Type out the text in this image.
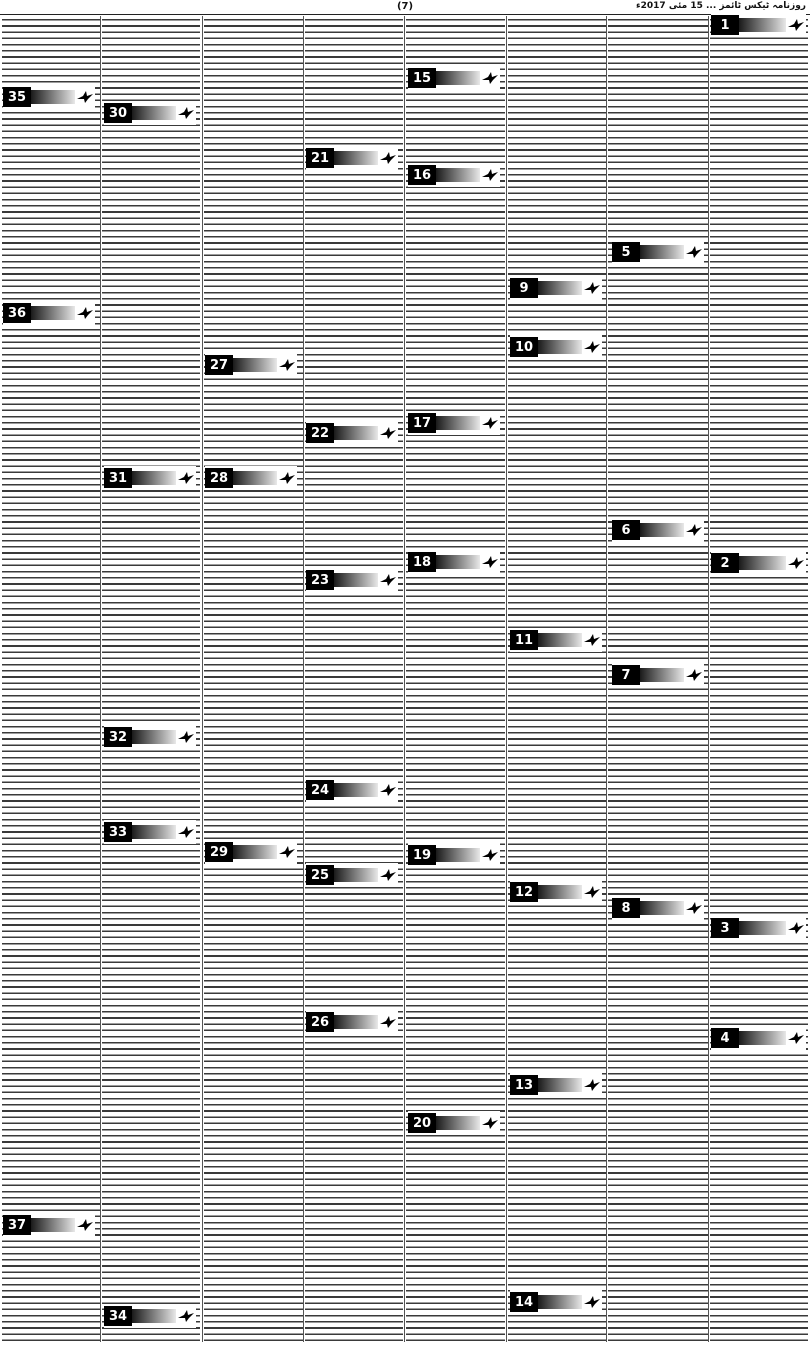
(7)	روزنامہ ٹیکس ٹائمز ... 15 مئی 2017ء
1
2
3
4
5
6
7
8
9
10
11
12
13
14
15
16
17
18
19
20
21
22
23
24
25
26
27
28
29
30
31
32
33
34
35
36
37
